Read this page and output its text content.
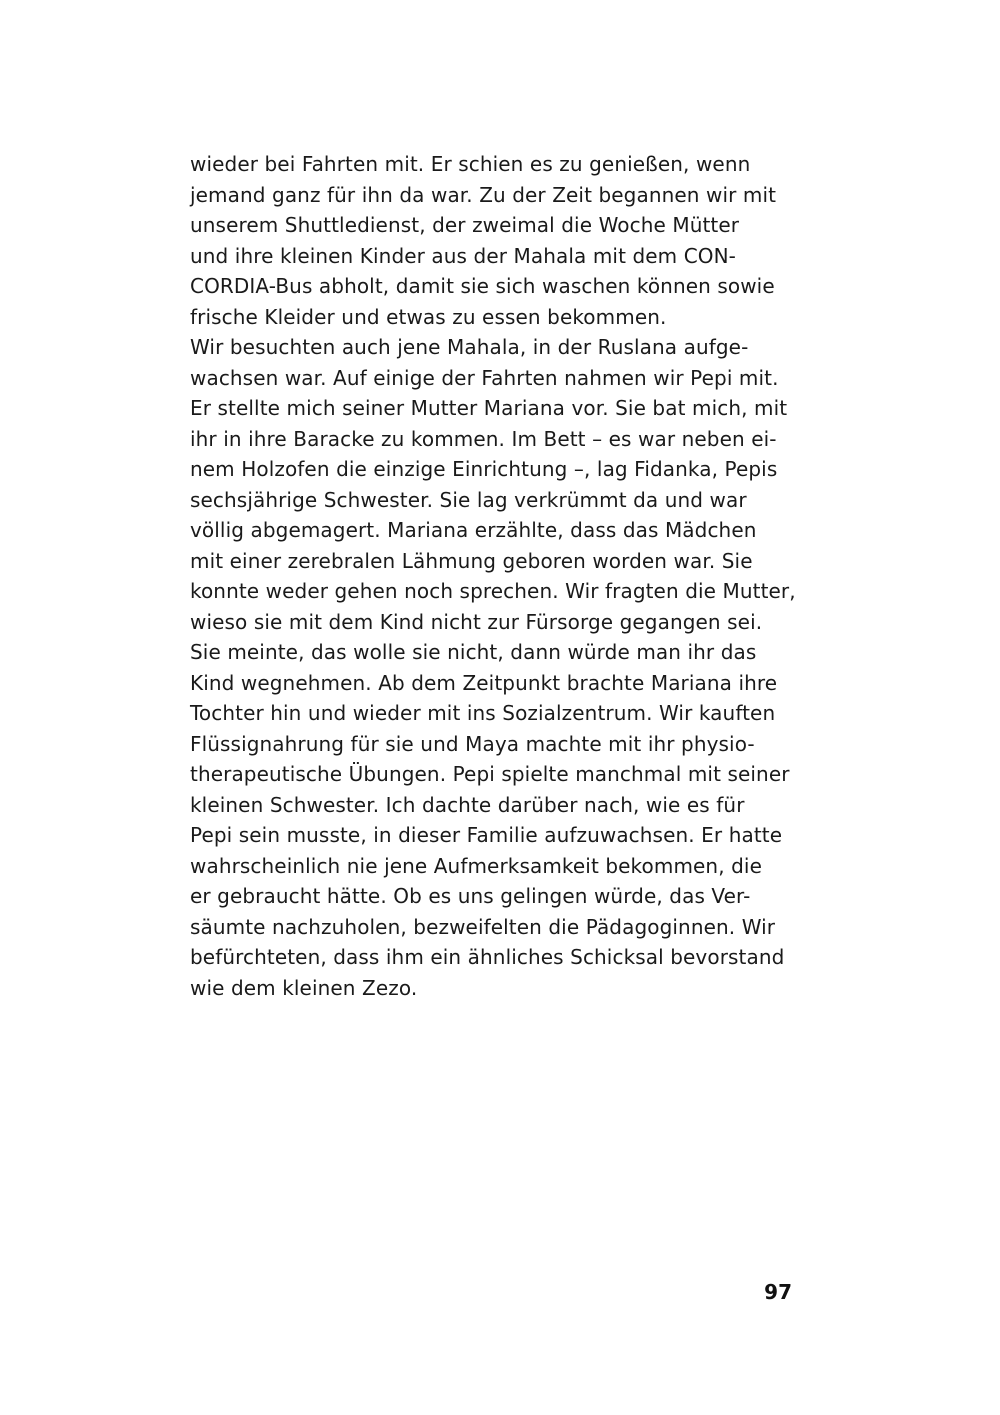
wieder bei Fahrten mit. Er schien es zu genießen, wenn
jemand ganz für ihn da war. Zu der Zeit begannen wir mit
unserem Shuttledienst, der zweimal die Woche Mütter
und ihre kleinen Kinder aus der Mahala mit dem CON-
CORDIA-Bus abholt, damit sie sich waschen können sowie
frische Kleider und etwas zu essen bekommen.
Wir besuchten auch jene Mahala, in der Ruslana aufge-
wachsen war. Auf einige der Fahrten nahmen wir Pepi mit.
Er stellte mich seiner Mutter Mariana vor. Sie bat mich, mit
ihr in ihre Baracke zu kommen. Im Bett – es war neben ei-
nem Holzofen die einzige Einrichtung –, lag Fidanka, Pepis
sechsjährige Schwester. Sie lag verkrümmt da und war
völlig abgemagert. Mariana erzählte, dass das Mädchen
mit einer zerebralen Lähmung geboren worden war. Sie
konnte weder gehen noch sprechen. Wir fragten die Mutter,
wieso sie mit dem Kind nicht zur Fürsorge gegangen sei.
Sie meinte, das wolle sie nicht, dann würde man ihr das
Kind wegnehmen. Ab dem Zeitpunkt brachte Mariana ihre
Tochter hin und wieder mit ins Sozialzentrum. Wir kauften
Flüssignahrung für sie und Maya machte mit ihr physio-
therapeutische Übungen. Pepi spielte manchmal mit seiner
kleinen Schwester. Ich dachte darüber nach, wie es für
Pepi sein musste, in dieser Familie aufzuwachsen. Er hatte
wahrscheinlich nie jene Aufmerksamkeit bekommen, die
er gebraucht hätte. Ob es uns gelingen würde, das Ver-
säumte nachzuholen, bezweifelten die Pädagoginnen. Wir
befürchteten, dass ihm ein ähnliches Schicksal bevorstand
wie dem kleinen Zezo.
97
